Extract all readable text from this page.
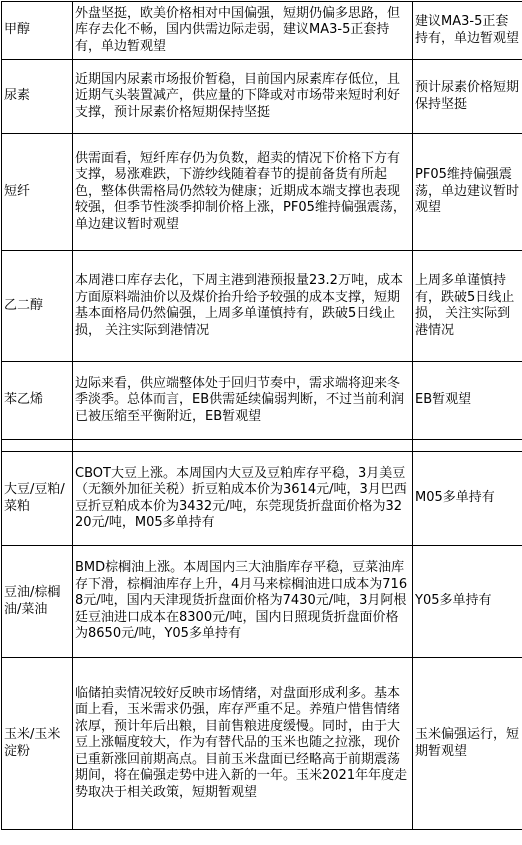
甲醇	外盘坚挺，欧美价格相对中国偏强，短期仍偏多思路，但库存去化不畅，国内供需边际走弱，建议MA3-5正套持有，单边暂观望	建议MA3-5正套持有，单边暂观望
尿素	近期国内尿素市场报价暂稳，目前国内尿素库存低位，且近期气头装置减产，供应量的下降或对市场带来短时利好支撑，预计尿素价格短期保持坚挺	预计尿素价格短期保持坚挺
短纤	供需面看，短纤库存仍为负数，超卖的情况下价格下方有支撑，易涨难跌，下游纱线随着春节的提前备货有所起色，整体供需格局仍然较为健康；近期成本端支撑也表现较强，但季节性淡季抑制价格上涨，PF05维持偏强震荡，单边建议暂时观望	PF05维持偏强震荡，单边建议暂时观望
乙二醇	本周港口库存去化，下周主港到港预报量23.2万吨，成本方面原料端油价以及煤价抬升给予较强的成本支撑，短期基本面格局仍然偏强，上周多单谨慎持有，跌破5日线止损， 关注实际到港情况	上周多单谨慎持有，跌破5日线止损， 关注实际到港情况
苯乙烯	边际来看，供应端整体处于回归节奏中，需求端将迎来冬季淡季。总体而言，EB供需延续偏弱判断，不过当前利润已被压缩至平衡附近，EB暂观望	EB暂观望

大豆/豆粕/菜粕	CBOT大豆上涨。本周国内大豆及豆粕库存平稳，3月美豆（无额外加征关税）折豆粕成本价为3614元/吨，3月巴西豆折豆粕成本价为3432元/吨，东莞现货折盘面价格为3220元/吨，M05多单持有	M05多单持有
豆油/棕榈油/菜油	BMD棕榈油上涨。本周国内三大油脂库存平稳，豆菜油库存下滑，棕榈油库存上升，4月马来棕榈油进口成本为7168元/吨，国内天津现货折盘面价格为7430元/吨，3月阿根廷豆油进口成本在8300元/吨，国内日照现货折盘面价格为8650元/吨，Y05多单持有	Y05多单持有
玉米/玉米淀粉	临储拍卖情况较好反映市场情绪，对盘面形成利多。基本面上看，玉米需求仍强，库存严重不足。养殖户惜售情绪浓厚，预计年后出粮，目前售粮进度缓慢。同时，由于大豆上涨幅度较大，作为有替代品的玉米也随之拉涨，现价已重新涨回前期高点。目前玉米盘面已经略高于前期震荡期间，将在偏强走势中进入新的一年。玉米2021年年度走势取决于相关政策，短期暂观望	玉米偏强运行，短期暂观望
